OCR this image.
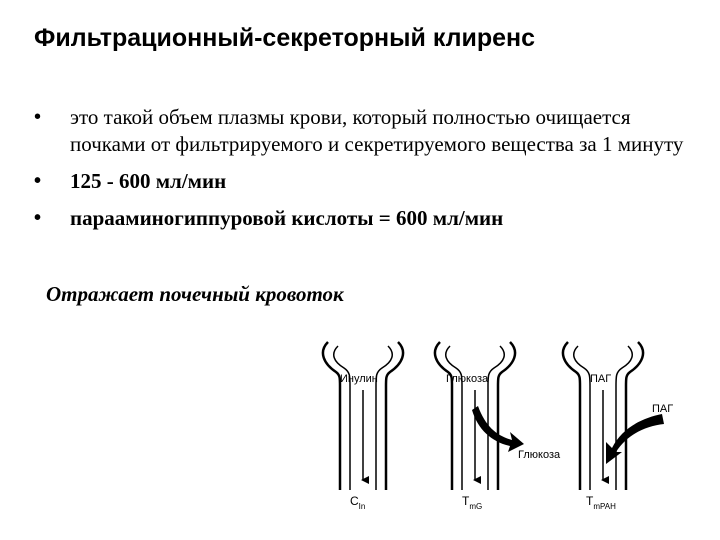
Фильтрационный-секреторный клиренс
• это такой объем плазмы крови, который полностью очищается почками от фильтрируемого и секретируемого вещества за 1 минуту
• 125 - 600 мл/мин
• парааминогиппуровой кислоты = 600 мл/мин
Отражает почечный кровоток
Инулин
$C_{In}$
Глюкоза
Глюкоза
$T_{mG}$
ПАГ
ПАГ
$T_{mPAH}$
